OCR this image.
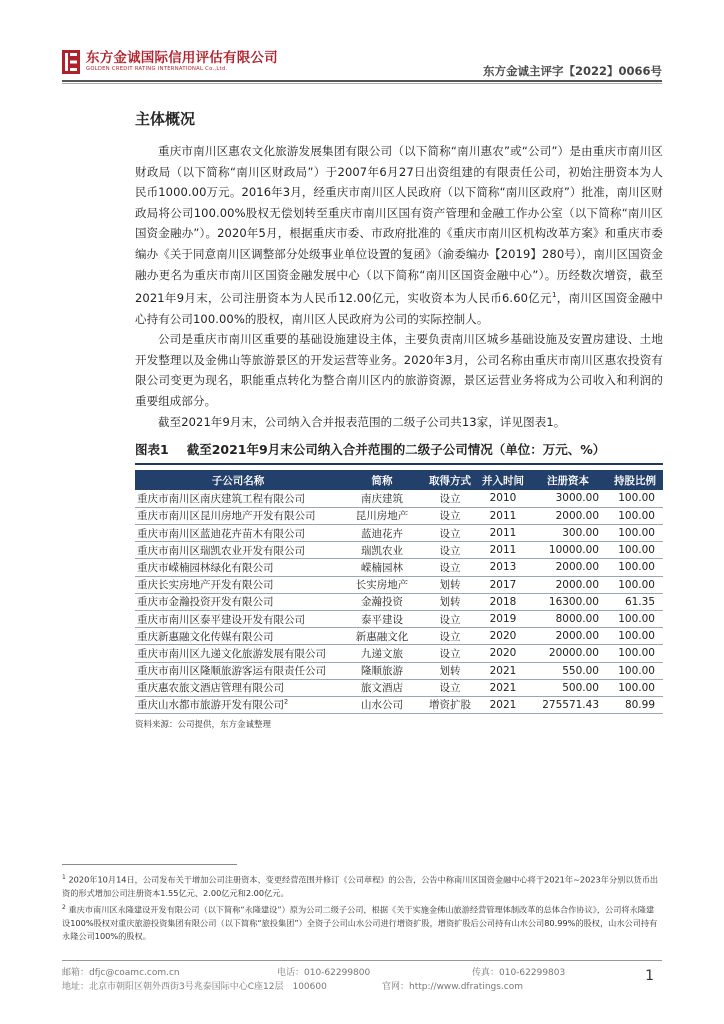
东方金诚国际信用评估有限公司
GOLDEN CREDIT RATING INTERNATIONAL Co.,Ltd.	东方金诚主评字【2022】0066号
主体概况

重庆市南川区惠农文化旅游发展集团有限公司（以下简称“南川惠农”或“公司”）是由重庆市南川区财政局（以下简称“南川区财政局”）于2007年6月27日出资组建的有限责任公司，初始注册资本为人民币1000.00万元。2016年3月，经重庆市南川区人民政府（以下简称“南川区政府”）批准，南川区财政局将公司100.00%股权无偿划转至重庆市南川区国有资产管理和金融工作办公室（以下简称“南川区国资金融办”）。2020年5月，根据重庆市委、市政府批准的《重庆市南川区机构改革方案》和重庆市委编办《关于同意南川区调整部分处级事业单位设置的复函》（渝委编办【2019】280号），南川区国资金融办更名为重庆市南川区国资金融发展中心（以下简称“南川区国资金融中心”）。历经数次增资，截至2021年9月末，公司注册资本为人民币12.00亿元，实收资本为人民币6.60亿元$^1$，南川区国资金融中心持有公司100.00%的股权，南川区人民政府为公司的实际控制人。

公司是重庆市南川区重要的基础设施建设主体，主要负责南川区城乡基础设施及安置房建设、土地开发整理以及金佛山等旅游景区的开发运营等业务。2020年3月，公司名称由重庆市南川区惠农投资有限公司变更为现名，职能重点转化为整合南川区内的旅游资源，景区运营业务将成为公司收入和利润的重要组成部分。

截至2021年9月末，公司纳入合并报表范围的二级子公司共13家，详见图表1。

图表1 截至2021年9月末公司纳入合并范围的二级子公司情况（单位：万元、%）
子公司名称	简称	取得方式	并入时间	注册资本	持股比例
重庆市南川区南庆建筑工程有限公司	南庆建筑	设立	2010	3000.00	100.00
重庆市南川区昆川房地产开发有限公司	昆川房地产	设立	2011	2000.00	100.00
重庆市南川区蓝迪花卉苗木有限公司	蓝迪花卉	设立	2011	300.00	100.00
重庆市南川区瑞凯农业开发有限公司	瑞凯农业	设立	2011	10000.00	100.00
重庆市嵘楠园林绿化有限公司	嵘楠园林	设立	2013	2000.00	100.00
重庆长实房地产开发有限公司	长实房地产	划转	2017	2000.00	100.00
重庆市金瀚投资开发有限公司	金瀚投资	划转	2018	16300.00	61.35
重庆市南川区泰平建设开发有限公司	泰平建设	设立	2019	8000.00	100.00
重庆新惠融文化传媒有限公司	新惠融文化	设立	2020	2000.00	100.00
重庆市南川区九递文化旅游发展有限公司	九递文旅	设立	2020	20000.00	100.00
重庆市南川区隆顺旅游客运有限责任公司	隆顺旅游	划转	2021	550.00	100.00
重庆惠农旅文酒店管理有限公司	旅文酒店	设立	2021	500.00	100.00
重庆山水都市旅游开发有限公司$^2$	山水公司	增资扩股	2021	275571.43	80.99
资料来源：公司提供，东方金诚整理
$^1$ 2020年10月14日，公司发布关于增加公司注册资本、变更经营范围并修订《公司章程》的公告，公告中称南川区国资金融中心将于2021年~2023年分别以货币出资的形式增加公司注册资本1.55亿元、2.00亿元和2.00亿元。
$^2$ 重庆市南川区永隆建设开发有限公司（以下简称“永隆建设”）原为公司二级子公司，根据《关于实施金佛山旅游经营管理体制改革的总体合作协议》，公司将永隆建设100%股权对重庆旅游投资集团有限公司（以下简称“旅投集团”）全资子公司山水公司进行增资扩股，增资扩股后公司持有山水公司80.99%的股权，山水公司持有永隆公司100%的股权。
邮箱：dfjc@coamc.com.cn	电话：010-62299800	传真：010-62299803
地址：北京市朝阳区朝外西街3号兆泰国际中心C座12层　100600	官网：http://www.dfratings.com
1
